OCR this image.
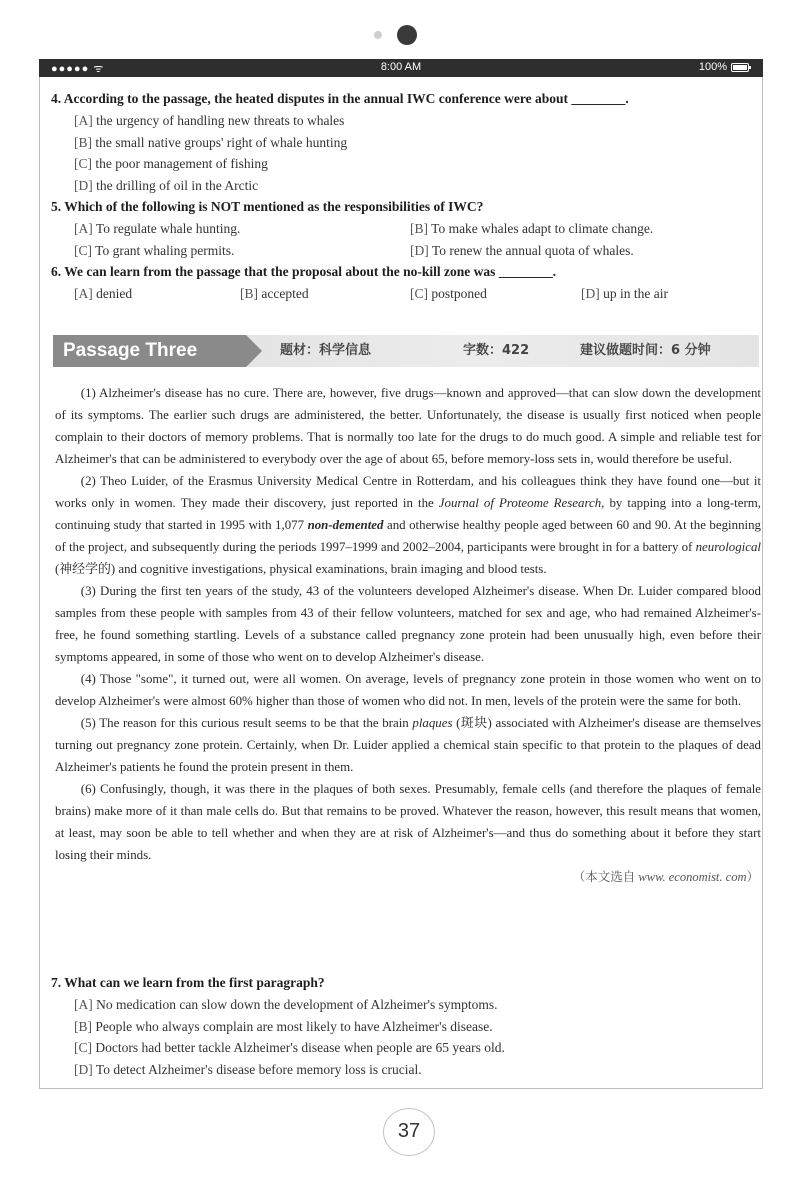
●●●●● ᯤ	8:00 AM	100%
4. According to the passage, the heated disputes in the annual IWC conference were about ________.
[A] the urgency of handling new threats to whales
[B] the small native groups' right of whale hunting
[C] the poor management of fishing
[D] the drilling of oil in the Arctic
5. Which of the following is NOT mentioned as the responsibilities of IWC?
[A] To regulate whale hunting.	[B] To make whales adapt to climate change.
[C] To grant whaling permits.	[D] To renew the annual quota of whales.
6. We can learn from the passage that the proposal about the no-kill zone was ________.
[A] denied	[B] accepted	[C] postponed	[D] up in the air
Passage Three	题材：科学信息	字数：422	建议做题时间：6 分钟

(1) Alzheimer's disease has no cure. There are, however, five drugs—known and approved—that can slow down the development of its symptoms. The earlier such drugs are administered, the better. Unfortunately, the disease is usually first noticed when people complain to their doctors of memory problems. That is normally too late for the drugs to do much good. A simple and reliable test for Alzheimer's that can be administered to everybody over the age of about 65, before memory-loss sets in, would therefore be useful.

(2) Theo Luider, of the Erasmus University Medical Centre in Rotterdam, and his colleagues think they have found one—but it works only in women. They made their discovery, just reported in the Journal of Proteome Research, by tapping into a long-term, continuing study that started in 1995 with 1,077 non-demented and otherwise healthy people aged between 60 and 90. At the beginning of the project, and subsequently during the periods 1997–1999 and 2002–2004, participants were brought in for a battery of neurological (神经学的) and cognitive investigations, physical examinations, brain imaging and blood tests.

(3) During the first ten years of the study, 43 of the volunteers developed Alzheimer's disease. When Dr. Luider compared blood samples from these people with samples from 43 of their fellow volunteers, matched for sex and age, who had remained Alzheimer's-free, he found something startling. Levels of a substance called pregnancy zone protein had been unusually high, even before their symptoms appeared, in some of those who went on to develop Alzheimer's disease.

(4) Those "some", it turned out, were all women. On average, levels of pregnancy zone protein in those women who went on to develop Alzheimer's were almost 60% higher than those of women who did not. In men, levels of the protein were the same for both.

(5) The reason for this curious result seems to be that the brain plaques (斑块) associated with Alzheimer's disease are themselves turning out pregnancy zone protein. Certainly, when Dr. Luider applied a chemical stain specific to that protein to the plaques of dead Alzheimer's patients he found the protein present in them.

(6) Confusingly, though, it was there in the plaques of both sexes. Presumably, female cells (and therefore the plaques of female brains) make more of it than male cells do. But that remains to be proved. Whatever the reason, however, this result means that women, at least, may soon be able to tell whether and when they are at risk of Alzheimer's—and thus do something about it before they start losing their minds.

（本文选自 www. economist. com）
7. What can we learn from the first paragraph?
[A] No medication can slow down the development of Alzheimer's symptoms.
[B] People who always complain are most likely to have Alzheimer's disease.
[C] Doctors had better tackle Alzheimer's disease when people are 65 years old.
[D] To detect Alzheimer's disease before memory loss is crucial.
37
